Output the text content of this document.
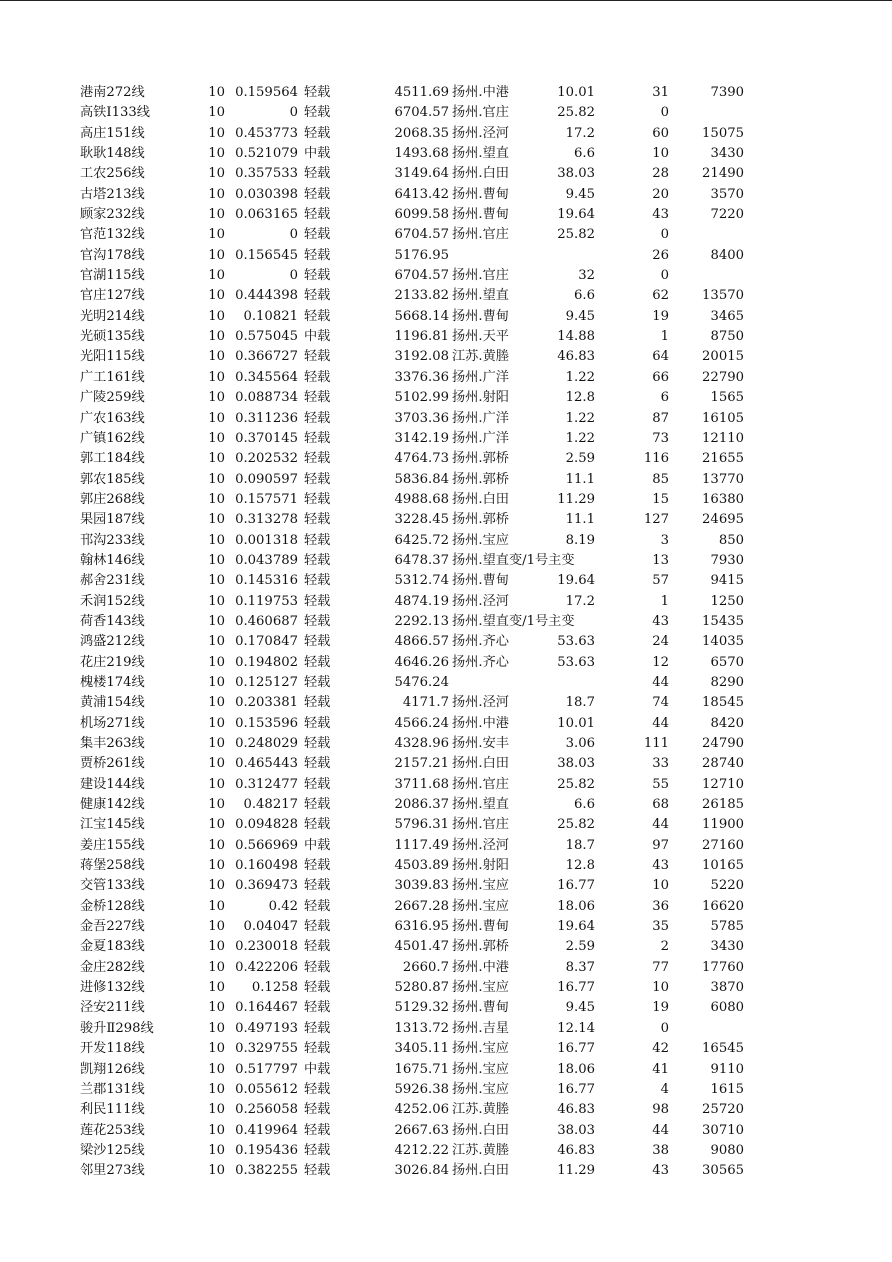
港南272线	10 0.159564 轻载	4511.69 扬州.中港	10.01	31	7390
高铁Ⅰ133线	10	0 轻载	6704.57 扬州.官庄	25.82	0
高庄151线	10 0.453773 轻载	2068.35 扬州.泾河	17.2	60	15075
耿耿148线	10 0.521079 中载	1493.68 扬州.望直	6.6	10	3430
工农256线	10 0.357533 轻载	3149.64 扬州.白田	38.03	28	21490
古塔213线	10 0.030398 轻载	6413.42 扬州.曹甸	9.45	20	3570
顾家232线	10 0.063165 轻载	6099.58 扬州.曹甸	19.64	43	7220
官范132线	10	0 轻载	6704.57 扬州.官庄	25.82	0
官沟178线	10 0.156545 轻载	5176.95	26	8400
官湖115线	10	0 轻载	6704.57 扬州.官庄	32	0
官庄127线	10 0.444398 轻载	2133.82 扬州.望直	6.6	62	13570
光明214线	10	0.10821 轻载	5668.14 扬州.曹甸	9.45	19	3465
光硕135线	10 0.575045 中载	1196.81 扬州.天平	14.88	1	8750
光阳115线	10 0.366727 轻载	3192.08 江苏.黄塍	46.83	64	20015
广工161线	10 0.345564 轻载	3376.36 扬州.广洋	1.22	66	22790
广陵259线	10 0.088734 轻载	5102.99 扬州.射阳	12.8	6	1565
广农163线	10 0.311236 轻载	3703.36 扬州.广洋	1.22	87	16105
广镇162线	10 0.370145 轻载	3142.19 扬州.广洋	1.22	73	12110
郭工184线	10 0.202532 轻载	4764.73 扬州.郭桥	2.59	116	21655
郭农185线	10 0.090597 轻载	5836.84 扬州.郭桥	11.1	85	13770
郭庄268线	10 0.157571 轻载	4988.68 扬州.白田	11.29	15	16380
果园187线	10 0.313278 轻载	3228.45 扬州.郭桥	11.1	127	24695
邗沟233线	10 0.001318 轻载	6425.72 扬州.宝应	8.19	3	850
翰林146线	10 0.043789 轻载	6478.37 扬州.望直变/1号主变	13	7930
郝舍231线	10 0.145316 轻载	5312.74 扬州.曹甸	19.64	57	9415
禾润152线	10 0.119753 轻载	4874.19 扬州.泾河	17.2	1	1250
荷香143线	10 0.460687 轻载	2292.13 扬州.望直变/1号主变	43	15435
鸿盛212线	10 0.170847 轻载	4866.57 扬州.齐心	53.63	24	14035
花庄219线	10 0.194802 轻载	4646.26 扬州.齐心	53.63	12	6570
槐楼174线	10 0.125127 轻载	5476.24	44	8290
黄浦154线	10 0.203381 轻载	4171.7 扬州.泾河	18.7	74	18545
机场271线	10 0.153596 轻载	4566.24 扬州.中港	10.01	44	8420
集丰263线	10 0.248029 轻载	4328.96 扬州.安丰	3.06	111	24790
贾桥261线	10 0.465443 轻载	2157.21 扬州.白田	38.03	33	28740
建设144线	10 0.312477 轻载	3711.68 扬州.官庄	25.82	55	12710
健康142线	10	0.48217 轻载	2086.37 扬州.望直	6.6	68	26185
江宝145线	10 0.094828 轻载	5796.31 扬州.官庄	25.82	44	11900
姜庄155线	10 0.566969 中载	1117.49 扬州.泾河	18.7	97	27160
蒋堡258线	10 0.160498 轻载	4503.89 扬州.射阳	12.8	43	10165
交管133线	10 0.369473 轻载	3039.83 扬州.宝应	16.77	10	5220
金桥128线	10	0.42 轻载	2667.28 扬州.宝应	18.06	36	16620
金吾227线	10	0.04047 轻载	6316.95 扬州.曹甸	19.64	35	5785
金夏183线	10 0.230018 轻载	4501.47 扬州.郭桥	2.59	2	3430
金庄282线	10 0.422206 轻载	2660.7 扬州.中港	8.37	77	17760
进修132线	10	0.1258 轻载	5280.87 扬州.宝应	16.77	10	3870
泾安211线	10 0.164467 轻载	5129.32 扬州.曹甸	9.45	19	6080
骏升Ⅱ298线	10 0.497193 轻载	1313.72 扬州.吉星	12.14	0
开发118线	10 0.329755 轻载	3405.11 扬州.宝应	16.77	42	16545
凯翔126线	10 0.517797 中载	1675.71 扬州.宝应	18.06	41	9110
兰郡131线	10 0.055612 轻载	5926.38 扬州.宝应	16.77	4	1615
利民111线	10 0.256058 轻载	4252.06 江苏.黄塍	46.83	98	25720
莲花253线	10 0.419964 轻载	2667.63 扬州.白田	38.03	44	30710
梁沙125线	10 0.195436 轻载	4212.22 江苏.黄塍	46.83	38	9080
邻里273线	10 0.382255 轻载	3026.84 扬州.白田	11.29	43	30565
